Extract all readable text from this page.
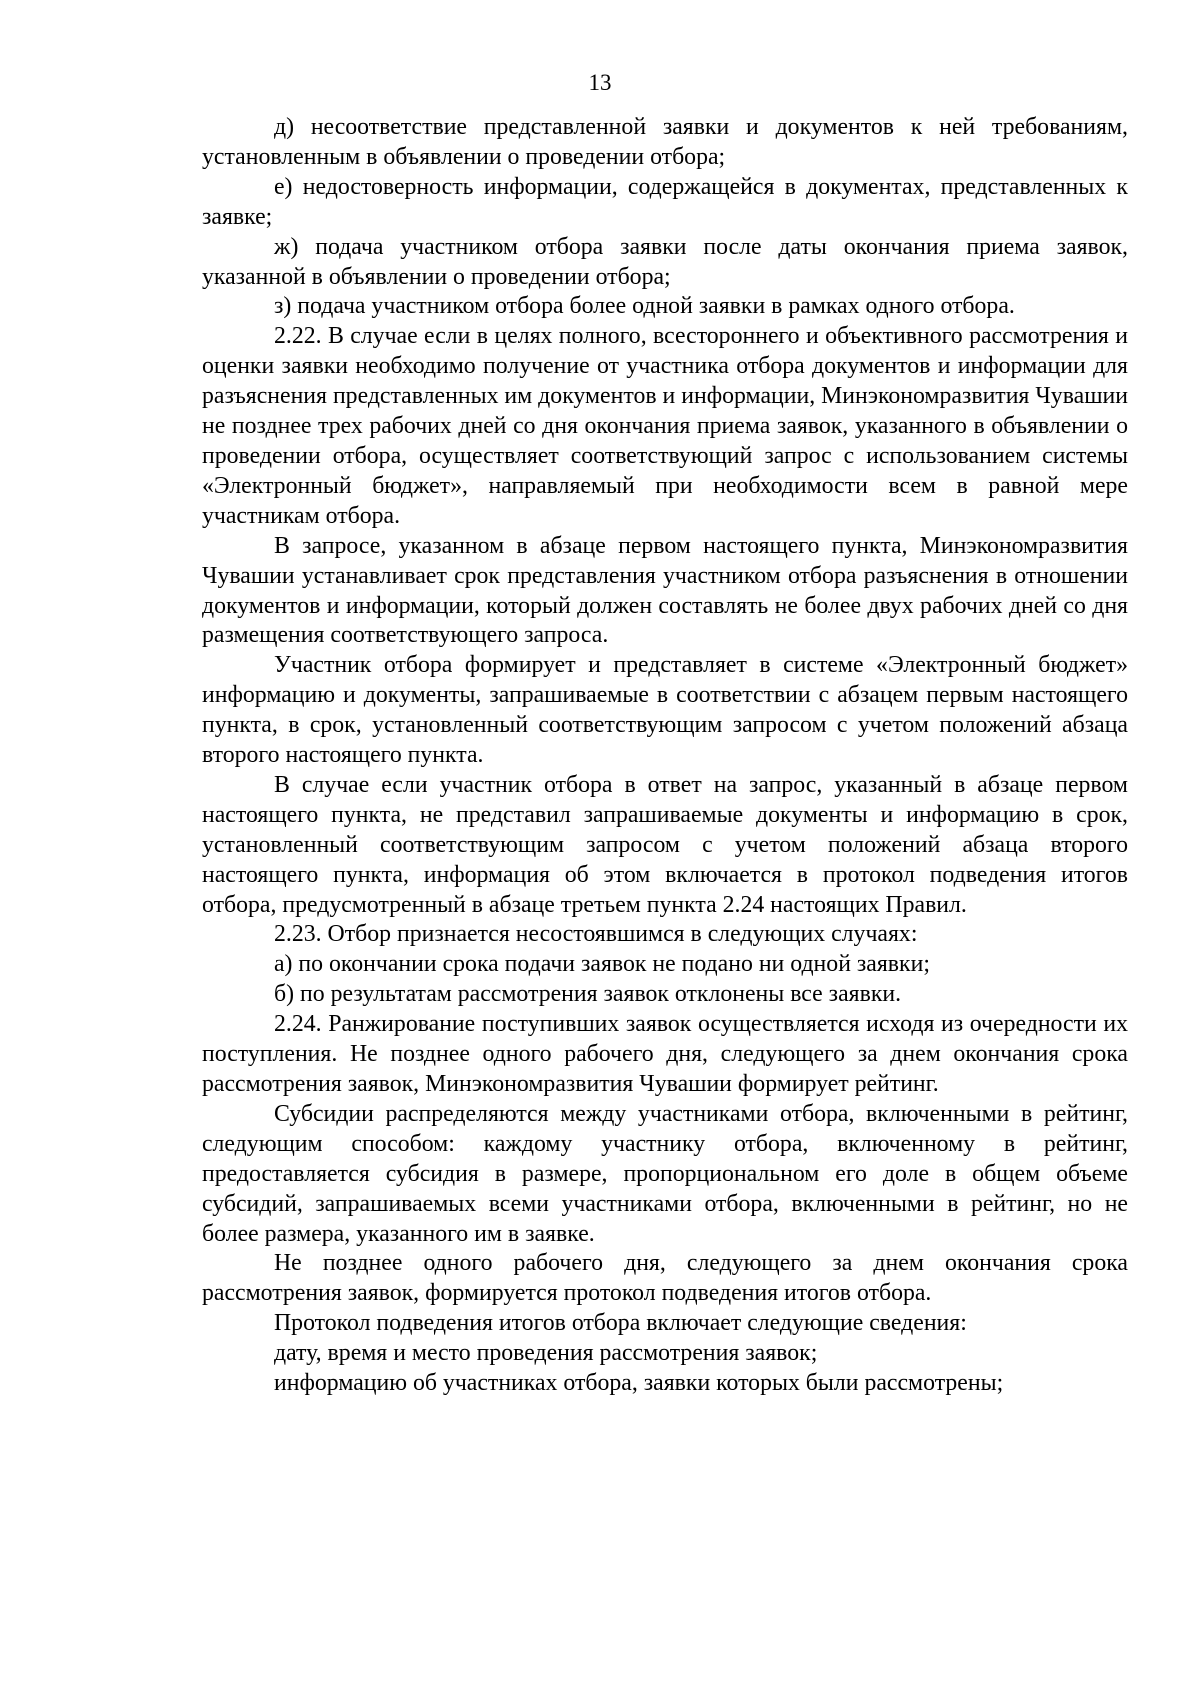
13

д) несоответствие представленной заявки и документов к ней требованиям, установленным в объявлении о проведении отбора;

е) недостоверность информации, содержащейся в документах, представленных к заявке;

ж) подача участником отбора заявки после даты окончания приема заявок, указанной в объявлении о проведении отбора;

з) подача участником отбора более одной заявки в рамках одного отбора.

2.22. В случае если в целях полного, всестороннего и объективного рассмотрения и оценки заявки необходимо получение от участника отбора документов и информации для разъяснения представленных им документов и информации, Минэкономразвития Чувашии не позднее трех рабочих дней со дня окончания приема заявок, указанного в объявлении о проведении отбора, осуществляет соответствующий запрос с использованием системы «Электронный бюджет», направляемый при необходимости всем в равной мере участникам отбора.

В запросе, указанном в абзаце первом настоящего пункта, Минэкономразвития Чувашии устанавливает срок представления участником отбора разъяснения в отношении документов и информации, который должен составлять не более двух рабочих дней со дня размещения соответствующего запроса.

Участник отбора формирует и представляет в системе «Электронный бюджет» информацию и документы, запрашиваемые в соответствии с абзацем первым настоящего пункта, в срок, установленный соответствующим запросом с учетом положений абзаца второго настоящего пункта.

В случае если участник отбора в ответ на запрос, указанный в абзаце первом настоящего пункта, не представил запрашиваемые документы и информацию в срок, установленный соответствующим запросом с учетом положений абзаца второго настоящего пункта, информация об этом включается в протокол подведения итогов отбора, предусмотренный в абзаце третьем пункта 2.24 настоящих Правил.

2.23. Отбор признается несостоявшимся в следующих случаях:

а) по окончании срока подачи заявок не подано ни одной заявки;

б) по результатам рассмотрения заявок отклонены все заявки.

2.24. Ранжирование поступивших заявок осуществляется исходя из очередности их поступления. Не позднее одного рабочего дня, следующего за днем окончания срока рассмотрения заявок, Минэкономразвития Чувашии формирует рейтинг.

Субсидии распределяются между участниками отбора, включенными в рейтинг, следующим способом: каждому участнику отбора, включенному в рейтинг, предоставляется субсидия в размере, пропорциональном его доле в общем объеме субсидий, запрашиваемых всеми участниками отбора, включенными в рейтинг, но не более размера, указанного им в заявке.

Не позднее одного рабочего дня, следующего за днем окончания срока рассмотрения заявок, формируется протокол подведения итогов отбора.

Протокол подведения итогов отбора включает следующие сведения:

дату, время и место проведения рассмотрения заявок;

информацию об участниках отбора, заявки которых были рассмотрены;
